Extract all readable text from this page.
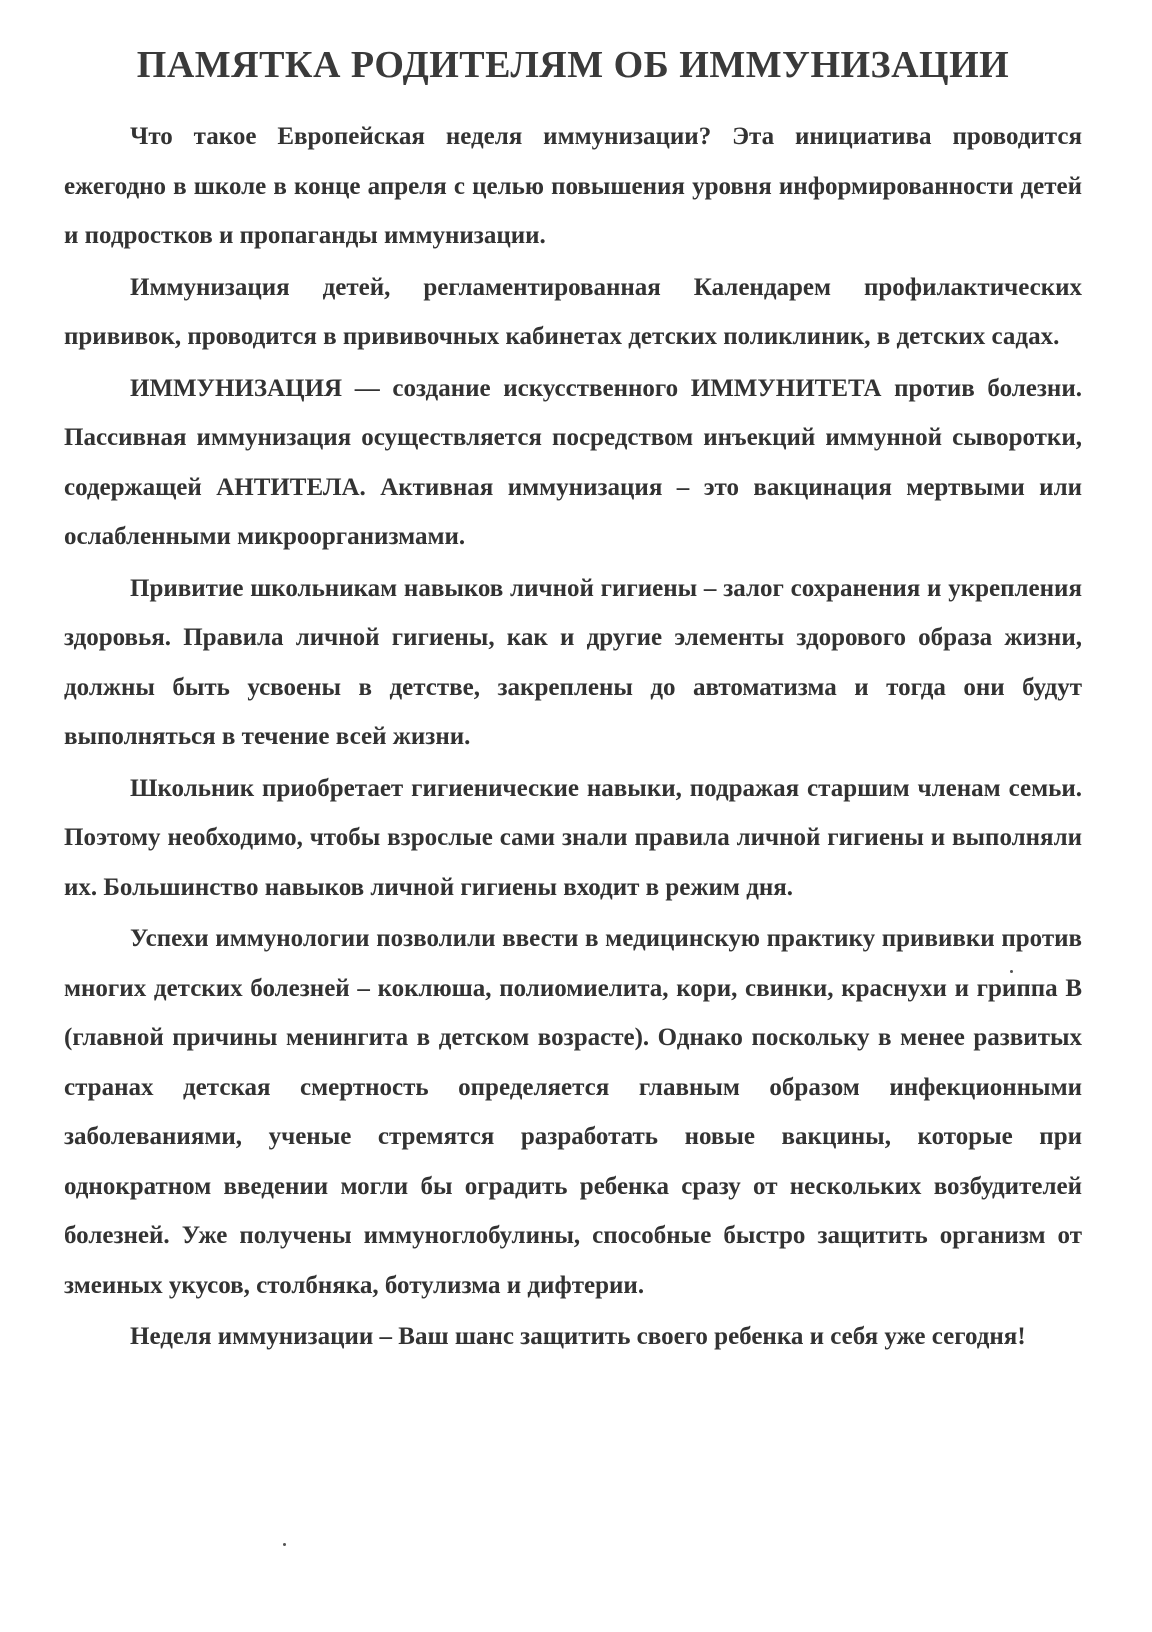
ПАМЯТКА РОДИТЕЛЯМ ОБ ИММУНИЗАЦИИ

Что такое Европейская неделя иммунизации? Эта инициатива проводится ежегодно в школе в конце апреля с целью повышения уровня информированности детей и подростков и пропаганды иммунизации.

Иммунизация детей, регламентированная Календарем профилактических прививок, проводится в прививочных кабинетах детских поликлиник, в детских садах.

ИММУНИЗАЦИЯ — создание искусственного ИММУНИТЕТА против болезни. Пассивная иммунизация осуществляется посредством инъекций иммунной сыворотки, содержащей АНТИТЕЛА. Активная иммунизация – это вакцинация мертвыми или ослабленными микроорганизмами.

Привитие школьникам навыков личной гигиены – залог сохранения и укрепления здоровья. Правила личной гигиены, как и другие элементы здорового образа жизни, должны быть усвоены в детстве, закреплены до автоматизма и тогда они будут выполняться в течение всей жизни.

Школьник приобретает гигиенические навыки, подражая старшим членам семьи. Поэтому необходимо, чтобы взрослые сами знали правила личной гигиены и выполняли их. Большинство навыков личной гигиены входит в режим дня.

Успехи иммунологии позволили ввести в медицинскую практику прививки против многих детских болезней – коклюша, полиомиелита, кори, свинки, краснухи и гриппа В (главной причины менингита в детском возрасте). Однако поскольку в менее развитых странах детская смертность определяется главным образом инфекционными заболеваниями, ученые стремятся разработать новые вакцины, которые при однократном введении могли бы оградить ребенка сразу от нескольких возбудителей болезней. Уже получены иммуноглобулины, способные быстро защитить организм от змеиных укусов, столбняка, ботулизма и дифтерии.

Неделя иммунизации – Ваш шанс защитить своего ребенка и себя уже сегодня!
